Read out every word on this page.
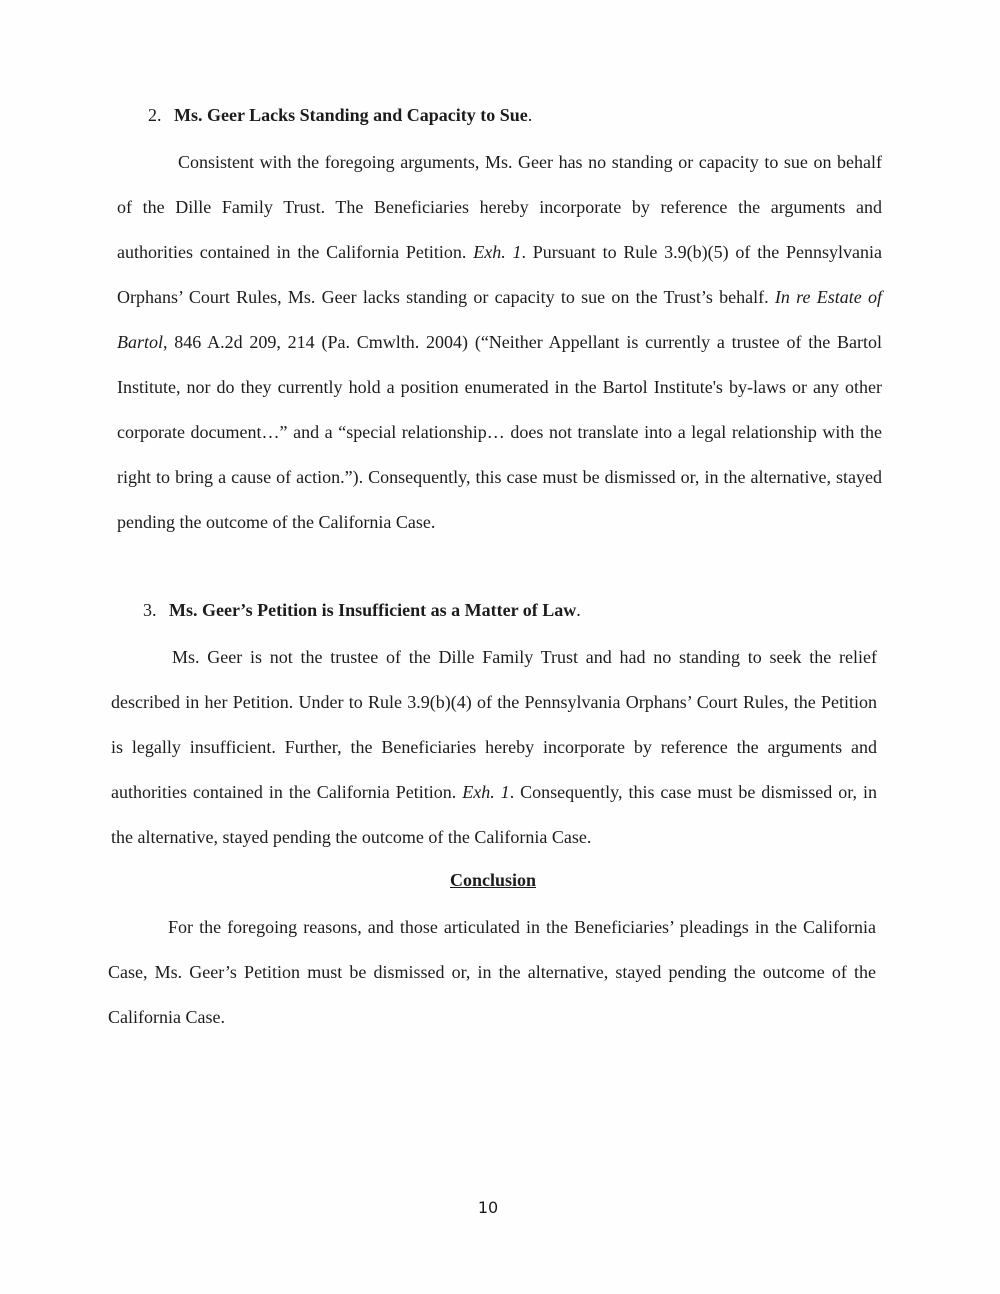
2. Ms. Geer Lacks Standing and Capacity to Sue.

Consistent with the foregoing arguments, Ms. Geer has no standing or capacity to sue on behalf of the Dille Family Trust. The Beneficiaries hereby incorporate by reference the arguments and authorities contained in the California Petition. Exh. 1. Pursuant to Rule 3.9(b)(5) of the Pennsylvania Orphans’ Court Rules, Ms. Geer lacks standing or capacity to sue on the Trust’s behalf. In re Estate of Bartol, 846 A.2d 209, 214 (Pa. Cmwlth. 2004) (“Neither Appellant is currently a trustee of the Bartol Institute, nor do they currently hold a position enumerated in the Bartol Institute's by-laws or any other corporate document…” and a “special relationship… does not translate into a legal relationship with the right to bring a cause of action.”). Consequently, this case must be dismissed or, in the alternative, stayed pending the outcome of the California Case.

3. Ms. Geer’s Petition is Insufficient as a Matter of Law.

Ms. Geer is not the trustee of the Dille Family Trust and had no standing to seek the relief described in her Petition. Under to Rule 3.9(b)(4) of the Pennsylvania Orphans’ Court Rules, the Petition is legally insufficient. Further, the Beneficiaries hereby incorporate by reference the arguments and authorities contained in the California Petition. Exh. 1. Consequently, this case must be dismissed or, in the alternative, stayed pending the outcome of the California Case.

Conclusion

For the foregoing reasons, and those articulated in the Beneficiaries’ pleadings in the California Case, Ms. Geer’s Petition must be dismissed or, in the alternative, stayed pending the outcome of the California Case.

10
